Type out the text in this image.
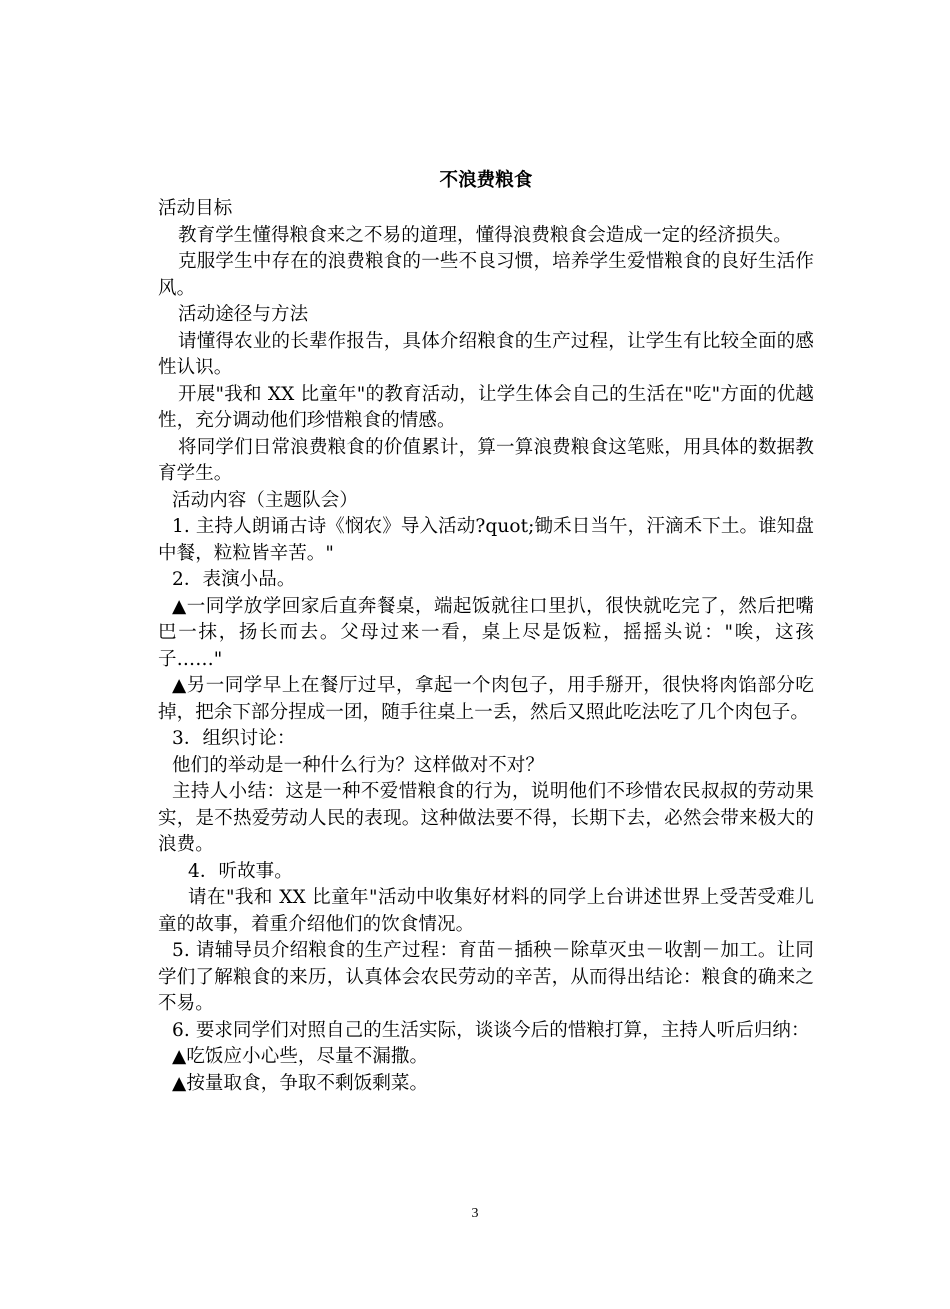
不浪费粮食

活动目标

教育学生懂得粮食来之不易的道理，懂得浪费粮食会造成一定的经济损失。

克服学生中存在的浪费粮食的一些不良习惯，培养学生爱惜粮食的良好生活作风。

活动途径与方法

请懂得农业的长辈作报告，具体介绍粮食的生产过程，让学生有比较全面的感性认识。

开展"我和 XX 比童年"的教育活动，让学生体会自己的生活在"吃"方面的优越性，充分调动他们珍惜粮食的情感。

将同学们日常浪费粮食的价值累计，算一算浪费粮食这笔账，用具体的数据教育学生。

活动内容（主题队会）

1. 主持人朗诵古诗《悯农》导入活动?quot;锄禾日当午，汗滴禾下土。谁知盘中餐，粒粒皆辛苦。"

2．表演小品。

▲一同学放学回家后直奔餐桌，端起饭就往口里扒，很快就吃完了，然后把嘴巴一抹，扬长而去。父母过来一看，桌上尽是饭粒，摇摇头说："唉，这孩子……"

▲另一同学早上在餐厅过早，拿起一个肉包子，用手掰开，很快将肉馅部分吃掉，把余下部分捏成一团，随手往桌上一丢，然后又照此吃法吃了几个肉包子。

3．组织讨论：

他们的举动是一种什么行为？这样做对不对？

主持人小结：这是一种不爱惜粮食的行为，说明他们不珍惜农民叔叔的劳动果实，是不热爱劳动人民的表现。这种做法要不得，长期下去，必然会带来极大的浪费。

4．听故事。

请在"我和 XX 比童年"活动中收集好材料的同学上台讲述世界上受苦受难儿童的故事，着重介绍他们的饮食情况。

5. 请辅导员介绍粮食的生产过程：育苗－插秧－除草灭虫－收割－加工。让同学们了解粮食的来历，认真体会农民劳动的辛苦，从而得出结论：粮食的确来之不易。

6. 要求同学们对照自己的生活实际，谈谈今后的惜粮打算，主持人听后归纳：

▲吃饭应小心些，尽量不漏撒。

▲按量取食，争取不剩饭剩菜。

3
